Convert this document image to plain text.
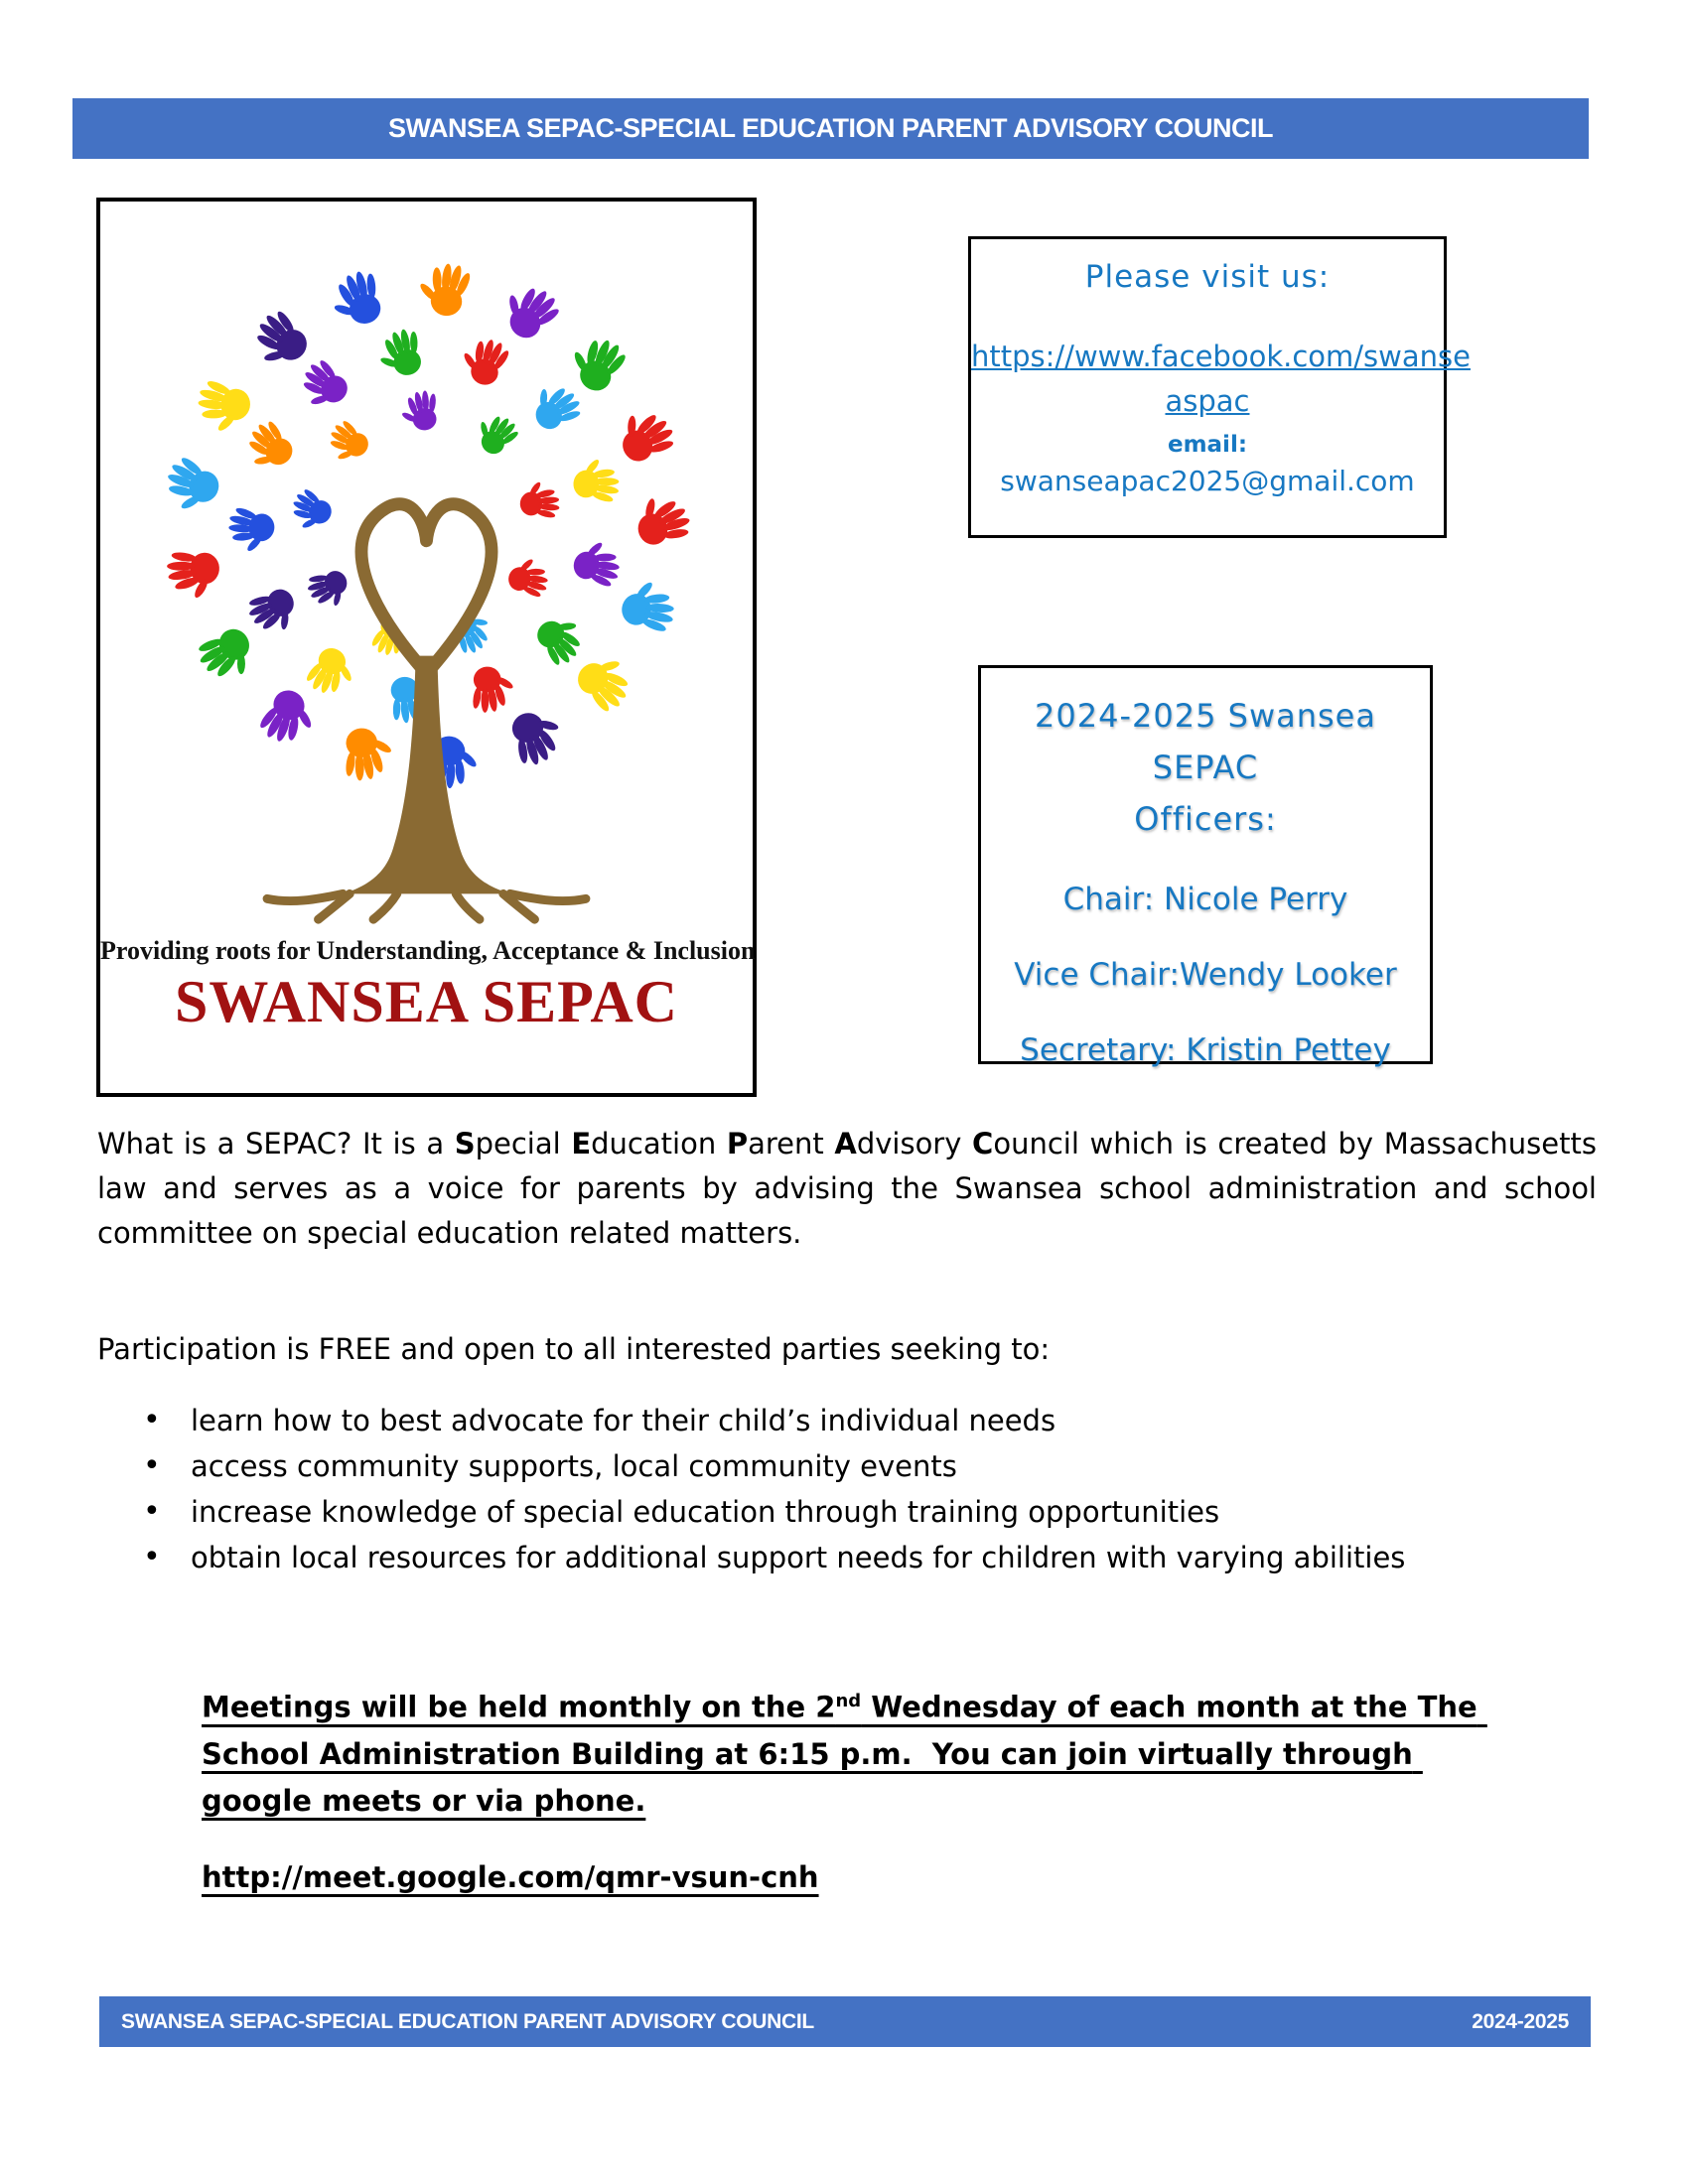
SWANSEA SEPAC-SPECIAL EDUCATION PARENT ADVISORY COUNCIL
Providing roots for Understanding, Acceptance & Inclusion
SWANSEA SEPAC
Please visit us:
https://www.facebook.com/swanse
aspac
email:
swanseapac2025@gmail.com
2024-2025 Swansea SEPAC
Officers:
Chair: Nicole Perry
Vice Chair:Wendy Looker
Secretary: Kristin Pettey
What is a SEPAC? It is a Special Education Parent Advisory Council which is created by Massachusetts law and serves as a voice for parents by advising the Swansea school administration and school committee on special education related matters.
Participation is FREE and open to all interested parties seeking to:
• learn how to best advocate for their child’s individual needs
• access community supports, local community events
• increase knowledge of special education through training opportunities
• obtain local resources for additional support needs for children with varying abilities
Meetings will be held monthly on the 2nd Wednesday of each month at the The School Administration Building at 6:15 p.m.  You can join virtually through google meets or via phone.
http://meet.google.com/qmr-vsun-cnh
SWANSEA SEPAC-SPECIAL EDUCATION PARENT ADVISORY COUNCIL	2024-2025
